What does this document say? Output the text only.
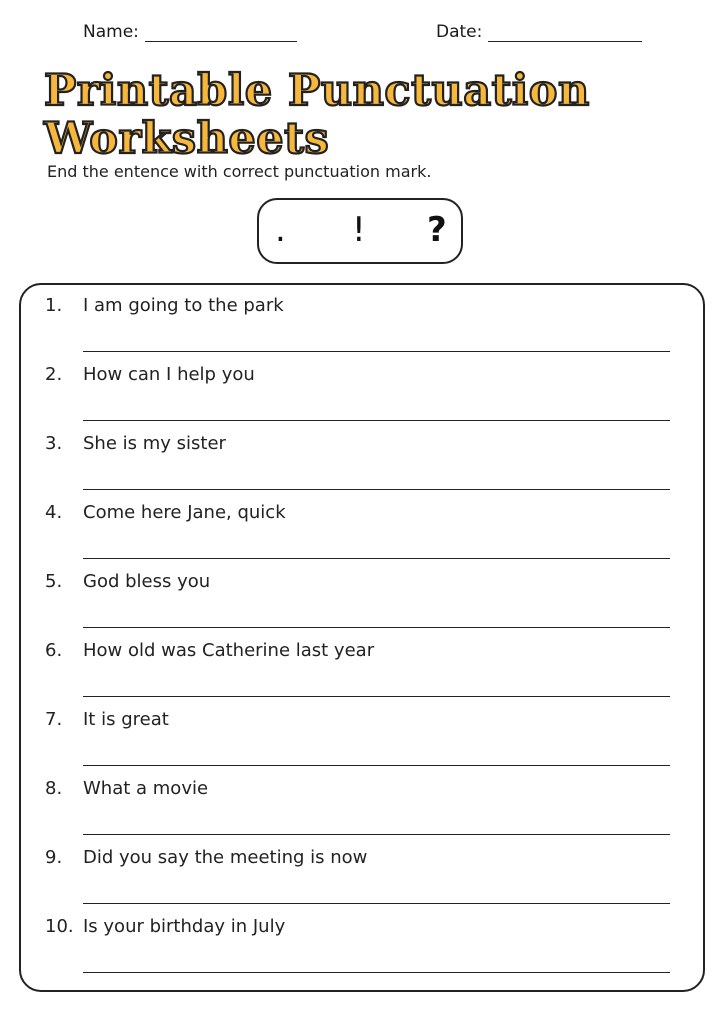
Name:	Date:
Printable Punctuation
Worksheets
End the entence with correct punctuation mark.
. ! ?
1. I am going to the park
2. How can I help you
3. She is my sister
4. Come here Jane, quick
5. God bless you
6. How old was Catherine last year
7. It is great
8. What a movie
9. Did you say the meeting is now
10. Is your birthday in July
